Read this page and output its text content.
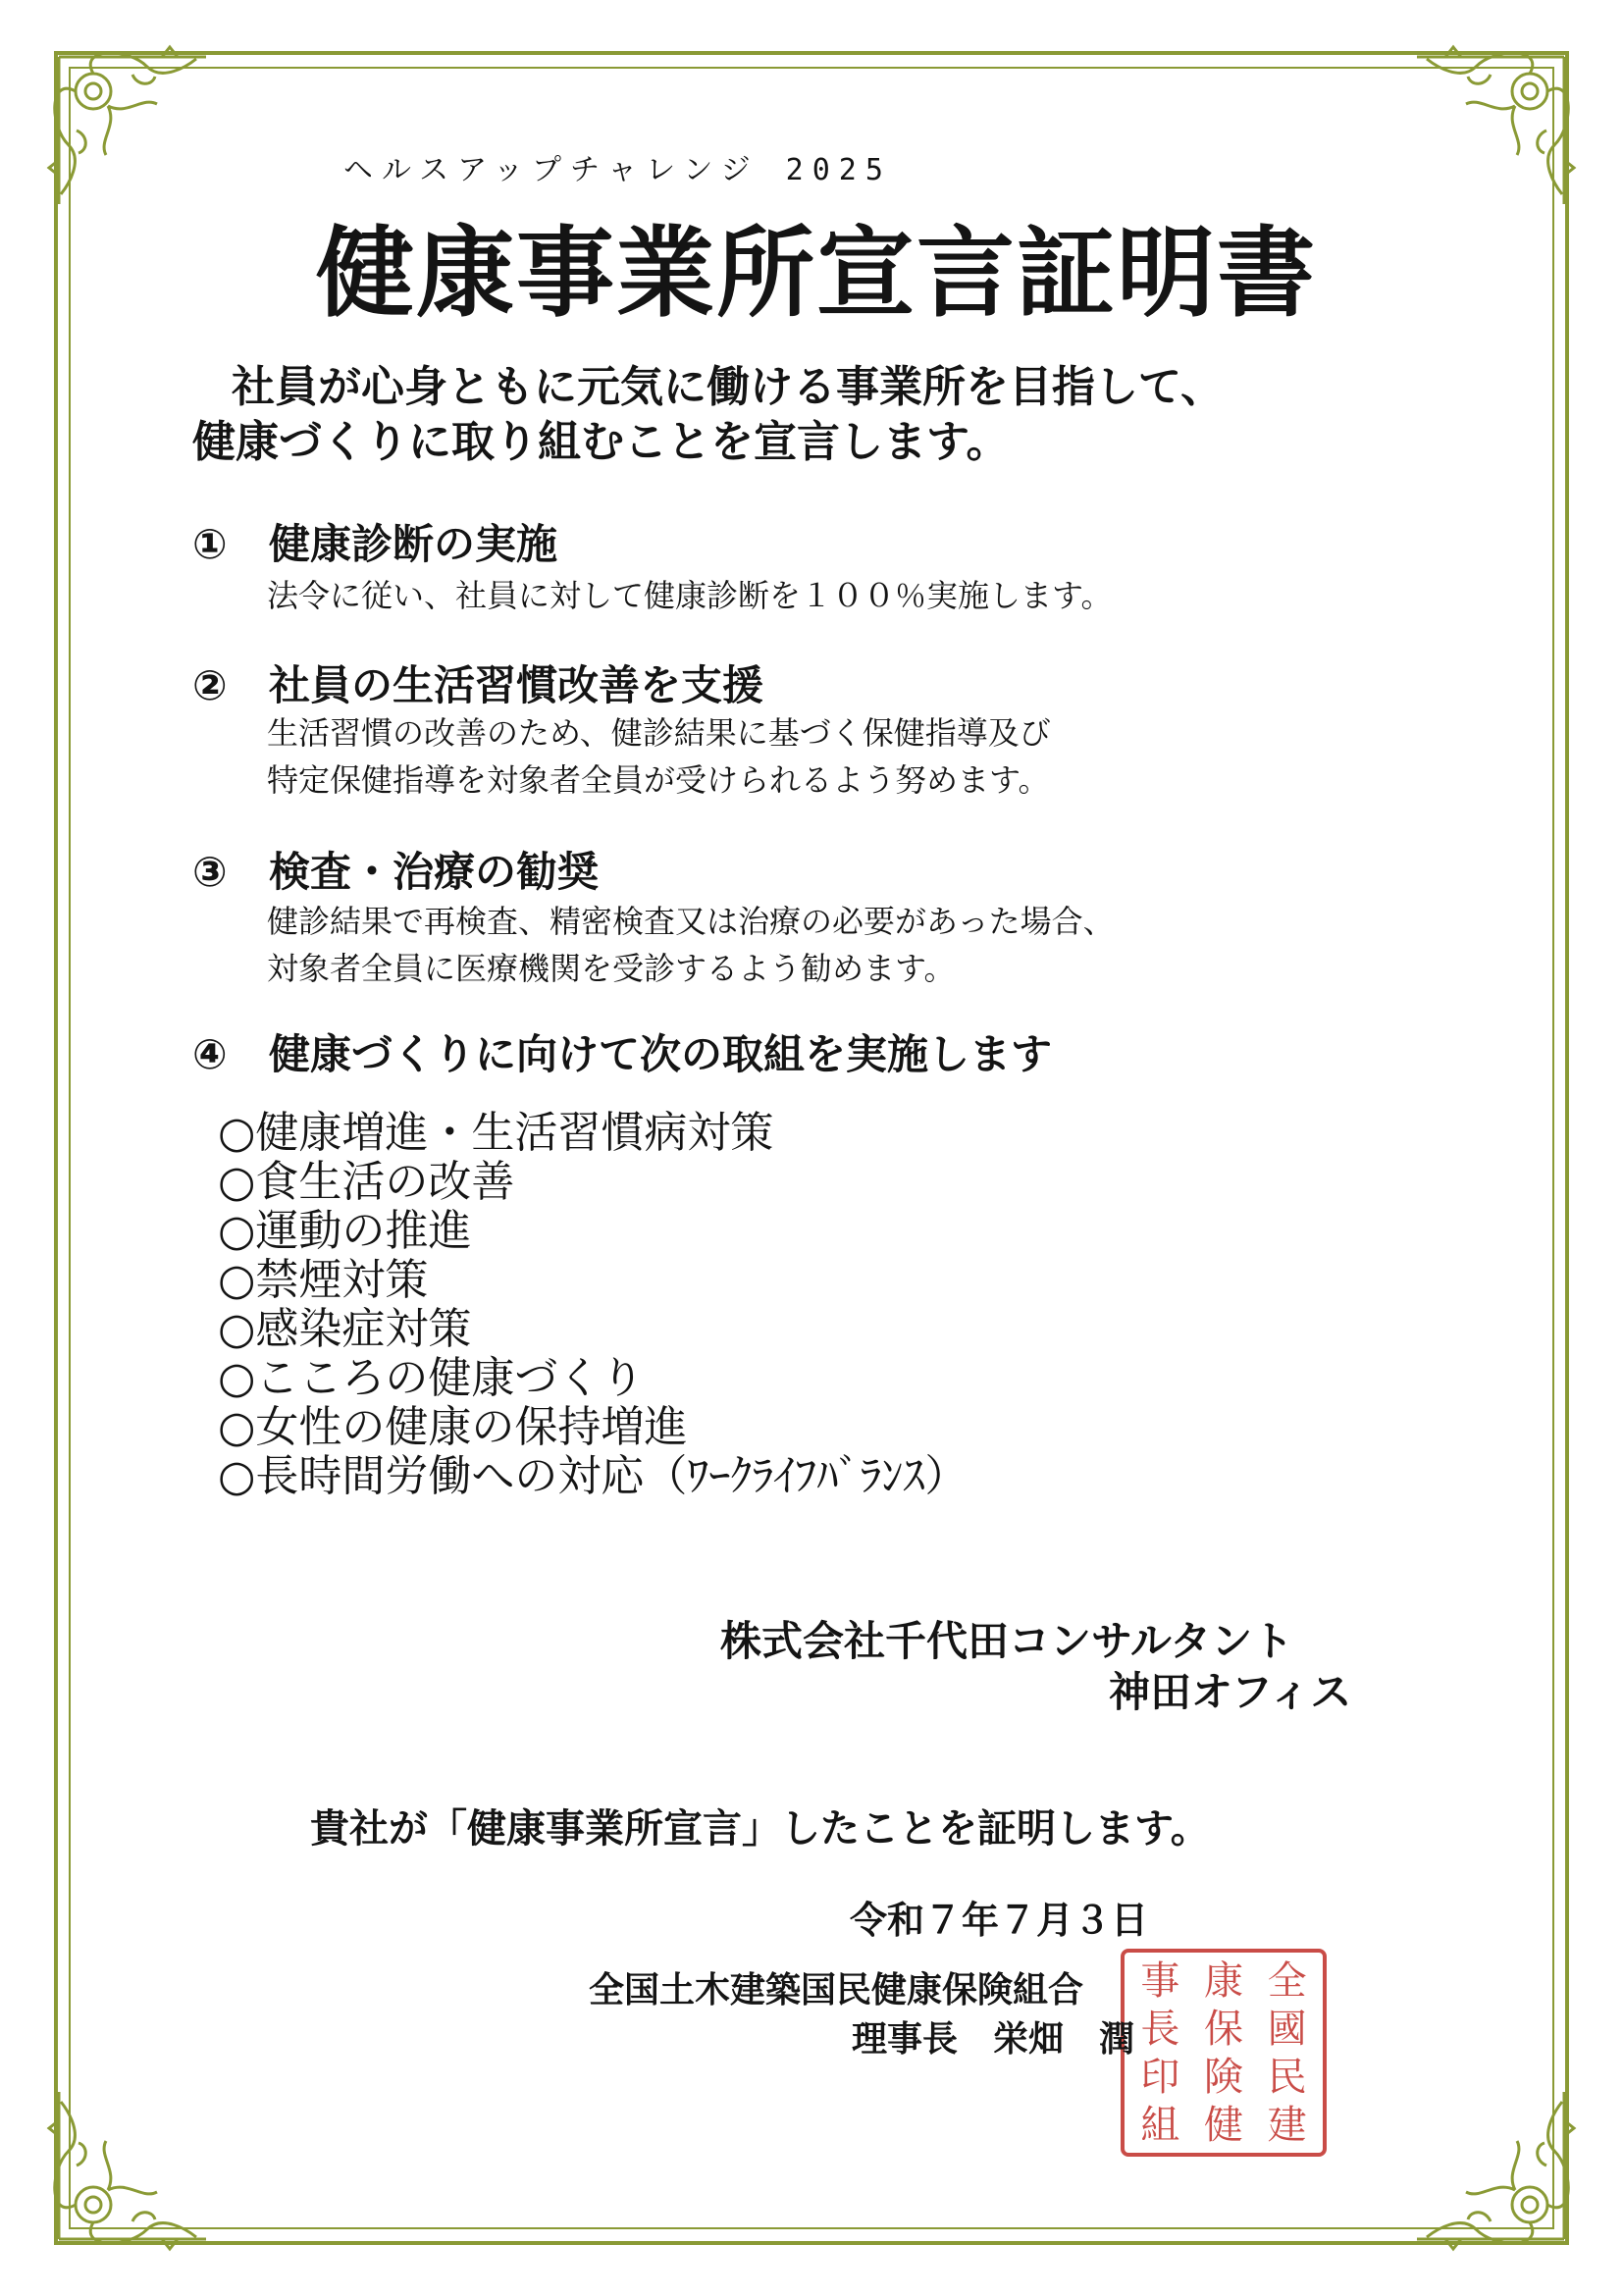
ヘルスアップチャレンジ 2025
健康事業所宣言証明書
社員が心身ともに元気に働ける事業所を目指して、
健康づくりに取り組むことを宣言します。
① 健康診断の実施
法令に従い、社員に対して健康診断を１００％実施します。
② 社員の生活習慣改善を支援
生活習慣の改善のため、健診結果に基づく保健指導及び
特定保健指導を対象者全員が受けられるよう努めます。
③ 検査・治療の勧奨
健診結果で再検査、精密検査又は治療の必要があった場合、
対象者全員に医療機関を受診するよう勧めます。
④ 健康づくりに向けて次の取組を実施します
○健康増進・生活習慣病対策
○食生活の改善
○運動の推進
○禁煙対策
○感染症対策
○こころの健康づくり
○女性の健康の保持増進
○長時間労働への対応（ﾜｰｸﾗｲﾌﾊﾞﾗﾝｽ）
株式会社千代田コンサルタント
神田オフィス
貴社が「健康事業所宣言」したことを証明します。
令和７年７月３日
事 康 全
長 保 國
印 険 民
組 健 建
全国土木建築国民健康保険組合
理事長　栄畑　潤
